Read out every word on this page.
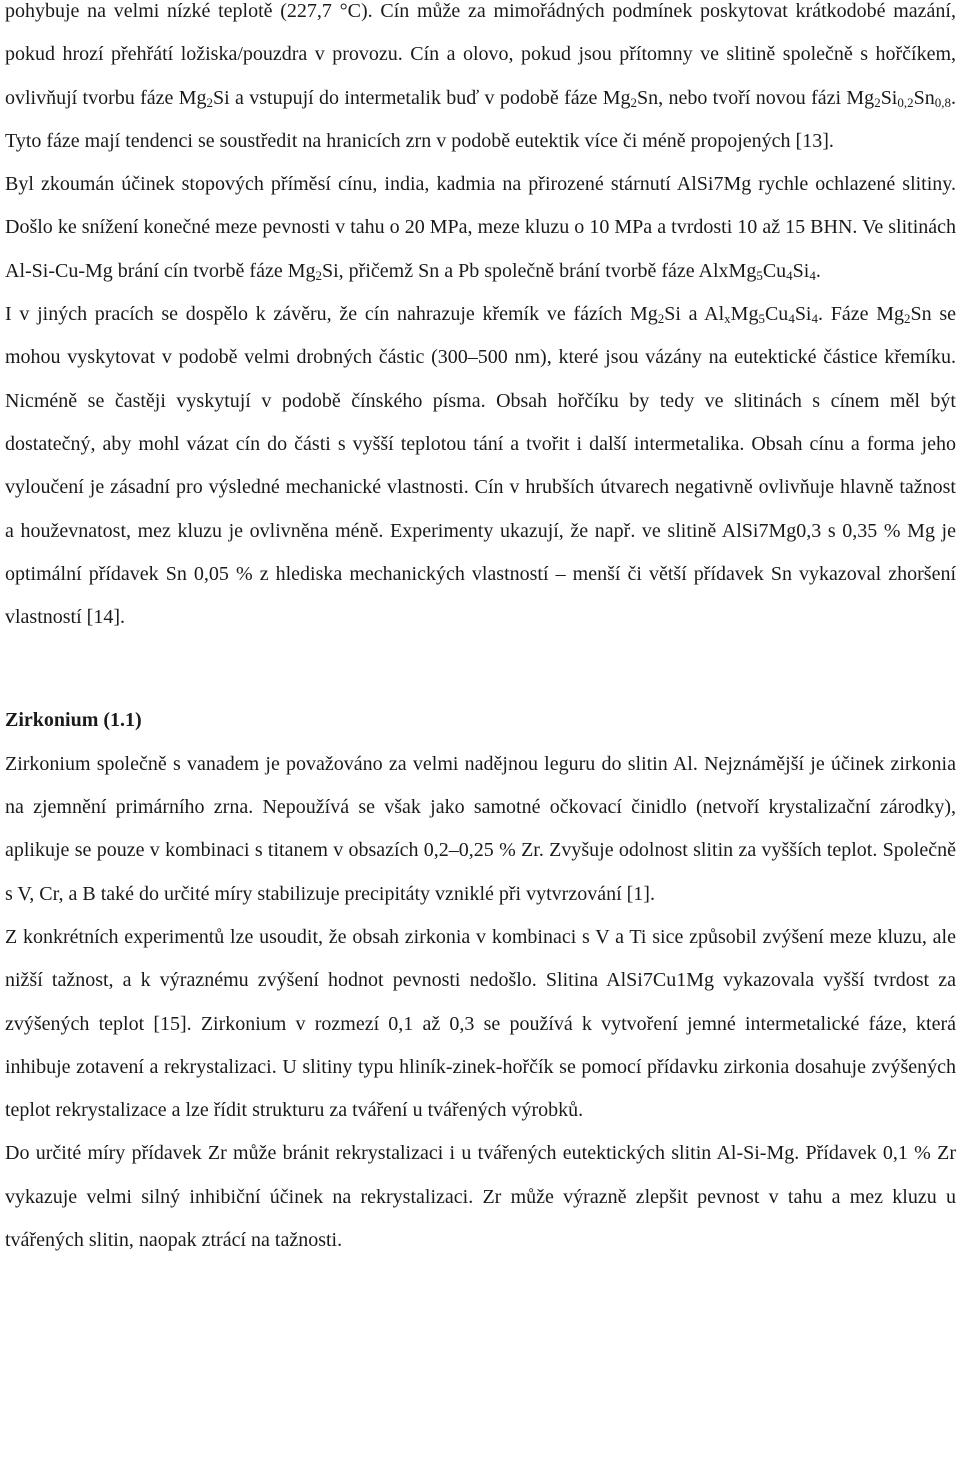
pohybuje na velmi nízké teplotě (227,7 °C). Cín může za mimořádných podmínek poskytovat krátkodobé mazání, pokud hrozí přehřátí ložiska/pouzdra v provozu. Cín a olovo, pokud jsou přítomny ve slitině společně s hořčíkem, ovlivňují tvorbu fáze $Mg_2Si$ a vstupují do intermetalik buď v podobě fáze $Mg_2Sn$, nebo tvoří novou fázi $Mg_2Si_{0,2}Sn_{0,8}$. Tyto fáze mají tendenci se soustředit na hranicích zrn v podobě eutektik více či méně propojených [13].

Byl zkoumán účinek stopových příměsí cínu, india, kadmia na přirozené stárnutí AlSi7Mg rychle ochlazené slitiny. Došlo ke snížení konečné meze pevnosti v tahu o 20 MPa, meze kluzu o 10 MPa a tvrdosti 10 až 15 BHN. Ve slitinách Al-Si-Cu-Mg brání cín tvorbě fáze $Mg_2Si$, přičemž Sn a Pb společně brání tvorbě fáze $AlxMg_5Cu_4Si_4$.

I v jiných pracích se dospělo k závěru, že cín nahrazuje křemík ve fázích $Mg_2Si$ a $Al_xMg_5Cu_4Si_4$. Fáze $Mg_2Sn$ se mohou vyskytovat v podobě velmi drobných částic (300–500 nm), které jsou vázány na eutektické částice křemíku. Nicméně se častěji vyskytují v podobě čínského písma. Obsah hořčíku by tedy ve slitinách s cínem měl být dostatečný, aby mohl vázat cín do části s vyšší teplotou tání a tvořit i další intermetalika. Obsah cínu a forma jeho vyloučení je zásadní pro výsledné mechanické vlastnosti. Cín v hrubších útvarech negativně ovlivňuje hlavně tažnost a houževnatost, mez kluzu je ovlivněna méně. Experimenty ukazují, že např. ve slitině AlSi7Mg0,3 s 0,35 % Mg je optimální přídavek Sn 0,05 % z hlediska mechanických vlastností – menší či větší přídavek Sn vykazoval zhoršení vlastností [14].

Zirkonium (1.1)

Zirkonium společně s vanadem je považováno za velmi nadějnou leguru do slitin Al. Nejznámější je účinek zirkonia na zjemnění primárního zrna. Nepoužívá se však jako samotné očkovací činidlo (netvoří krystalizační zárodky), aplikuje se pouze v kombinaci s titanem v obsazích 0,2–0,25 % Zr. Zvyšuje odolnost slitin za vyšších teplot. Společně s V, Cr, a B také do určité míry stabilizuje precipitáty vzniklé při vytvrzování [1].

Z konkrétních experimentů lze usoudit, že obsah zirkonia v kombinaci s V a Ti sice způsobil zvýšení meze kluzu, ale nižší tažnost, a k výraznému zvýšení hodnot pevnosti nedošlo. Slitina AlSi7Cu1Mg vykazovala vyšší tvrdost za zvýšených teplot [15]. Zirkonium v rozmezí 0,1 až 0,3 se používá k vytvoření jemné intermetalické fáze, která inhibuje zotavení a rekrystalizaci. U slitiny typu hliník-zinek-hořčík se pomocí přídavku zirkonia dosahuje zvýšených teplot rekrystalizace a lze řídit strukturu za tváření u tvářených výrobků.

Do určité míry přídavek Zr může bránit rekrystalizaci i u tvářených eutektických slitin Al-Si-Mg. Přídavek 0,1 % Zr vykazuje velmi silný inhibiční účinek na rekrystalizaci. Zr může výrazně zlepšit pevnost v tahu a mez kluzu u tvářených slitin, naopak ztrácí na tažnosti.
